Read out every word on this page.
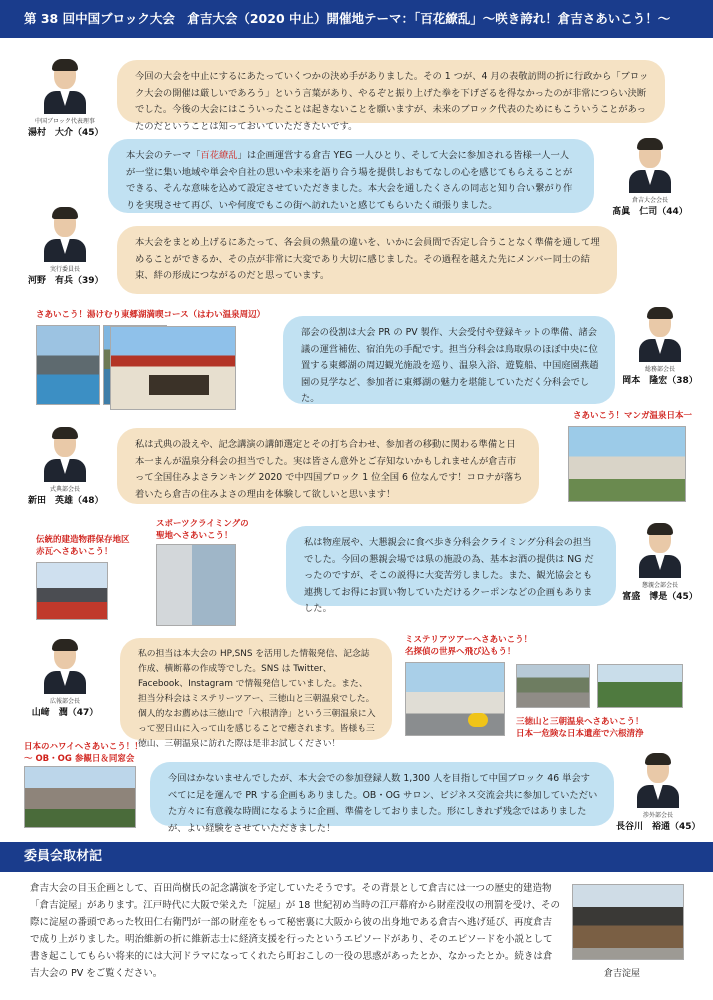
第 38 回中国ブロック大会　倉吉大会（2020 中止）開催地テーマ：「百花繚乱」〜咲き誇れ！倉吉さあいこう！〜
中国ブロック代表理事
湯村　大介（45）
今回の大会を中止にするにあたっていくつかの決め手がありました。その 1 つが、4 月の表敬訪問の折に行政から「ブロック大会の開催は厳しいであろう」という言葉があり、やるぞと振り上げた拳を下げざるを得なかったのが非常につらい決断でした。今後の大会にはこういったことは起きないことを願いますが、未来のブロック代表のためにもこういうことがあったのだということは知っておいていただきたいです。
本大会のテーマ「百花繚乱」は企画運営する倉吉 YEG 一人ひとり、そして大会に参加される皆様一人一人が一堂に集い地域や単会や自社の思いや未来を語り合う場を提供しおもてなしの心を感じてもらえることができる、そんな意味を込めて設定させていただきました。本大会を通したくさんの同志と知り合い繋がり作りを実現させて再び、いや何度でもこの街へ訪れたいと感じてもらいたく頑張りました。	倉吉大会会長
髙眞　仁司（44）
実行委員長
河野　有兵（39）
本大会をまとめ上げるにあたって、各会員の熱量の違いを、いかに会員間で否定し合うことなく準備を通して埋めることができるか、その点が非常に大変であり大切に感じました。その過程を越えた先にメンバー同士の結束、絆の形成につながるのだと思っています。
さあいこう！湯けむり東郷湖満喫コース（はわい温泉周辺）
部会の役割は大会 PR の PV 製作、大会受付や登録キットの準備、諸会議の運営補佐、宿泊先の手配です。担当分科会は鳥取県のほぼ中央に位置する東郷湖の周辺観光施設を巡り、温泉入浴、遊覧船、中国庭園燕趙園の見学など、参加者に東郷湖の魅力を堪能していただく分科会でした。
総務部会長
岡本　隆宏（38）
さあいこう！マンガ温泉日本一
式典部会長
新田　英雄（48）
私は式典の設えや、記念講演の講師選定とその打ち合わせ、参加者の移動に関わる準備と日本一まんが温泉分科会の担当でした。実は皆さん意外とご存知ないかもしれませんが倉吉市って全国住みよさランキング 2020 で中四国ブロック 1 位全国 6 位なんです！コロナが落ち着いたら倉吉の住みよさの理由を体験して欲しいと思います！
伝統的建造物群保存地区
赤瓦へさあいこう！
スポーツクライミングの
聖地へさあいこう！
私は物産展や、大懇親会に食べ歩き分科会クライミング分科会の担当でした。今回の懇親会場では県の施設の為、基本お酒の提供は NG だったのですが、そこの説得に大変苦労しました。また、観光協会とも連携してお得にお買い物していただけるクーポンなどの企画もありました。
懇親会部会長
富盛　博是（45）
広報部会長
山﨑　潤（47）
私の担当は本大会の HP,SNS を活用した情報発信、記念誌作成、横断幕の作成等でした。SNS は Twitter、Facebook、Instagram で情報発信していました。また、担当分科会はミステリーツアー、三徳山と三朝温泉でした。個人的なお薦めは三徳山で「六根清浄」という三朝温泉に入って翌日山に入って山を感じることで癒されます。皆様も三徳山、三朝温泉に訪れた際は是非お試しください！
ミステリアツアーへさあいこう！
名探偵の世界へ飛び込もう！
三徳山と三朝温泉へさあいこう！
日本一危険な日本遺産で六根清浄
日本のハワイへさあいこう！！
〜 OB・OG 参観日＆同窓会
今回はかないませんでしたが、本大会での参加登録人数 1,300 人を目指して中国ブロック 46 単会すべてに足を運んで PR する企画もありました。OB・OG サロン、ビジネス交流会共に参加していただいた方々に有意義な時間になるように企画、準備をしておりました。形にしきれず残念ではありましたが、よい経験をさせていただきました！
渉外部会長
長谷川　裕通（45）
委員会取材記
倉吉大会の目玉企画として、百田尚樹氏の記念講演を予定していたそうです。その背景として倉吉には一つの歴史的建造物「倉吉淀屋」があります。江戸時代に大阪で栄えた「淀屋」が 18 世紀初め当時の江戸幕府から財産没収の刑罰を受け、その際に淀屋の番頭であった牧田仁右衛門が一部の財産をもって秘密裏に大阪から彼の出身地である倉吉へ逃げ延び、再度倉吉で成り上がりました。明治維新の折に維新志士に経済支援を行ったというエピソードがあり、そのエピソードを小説として書き起こしてもらい将来的には大河ドラマになってくれたら町おこしの一役の思惑があったとか、なかったとか。続きは倉吉大会の PV をご覧ください。	倉吉淀屋
